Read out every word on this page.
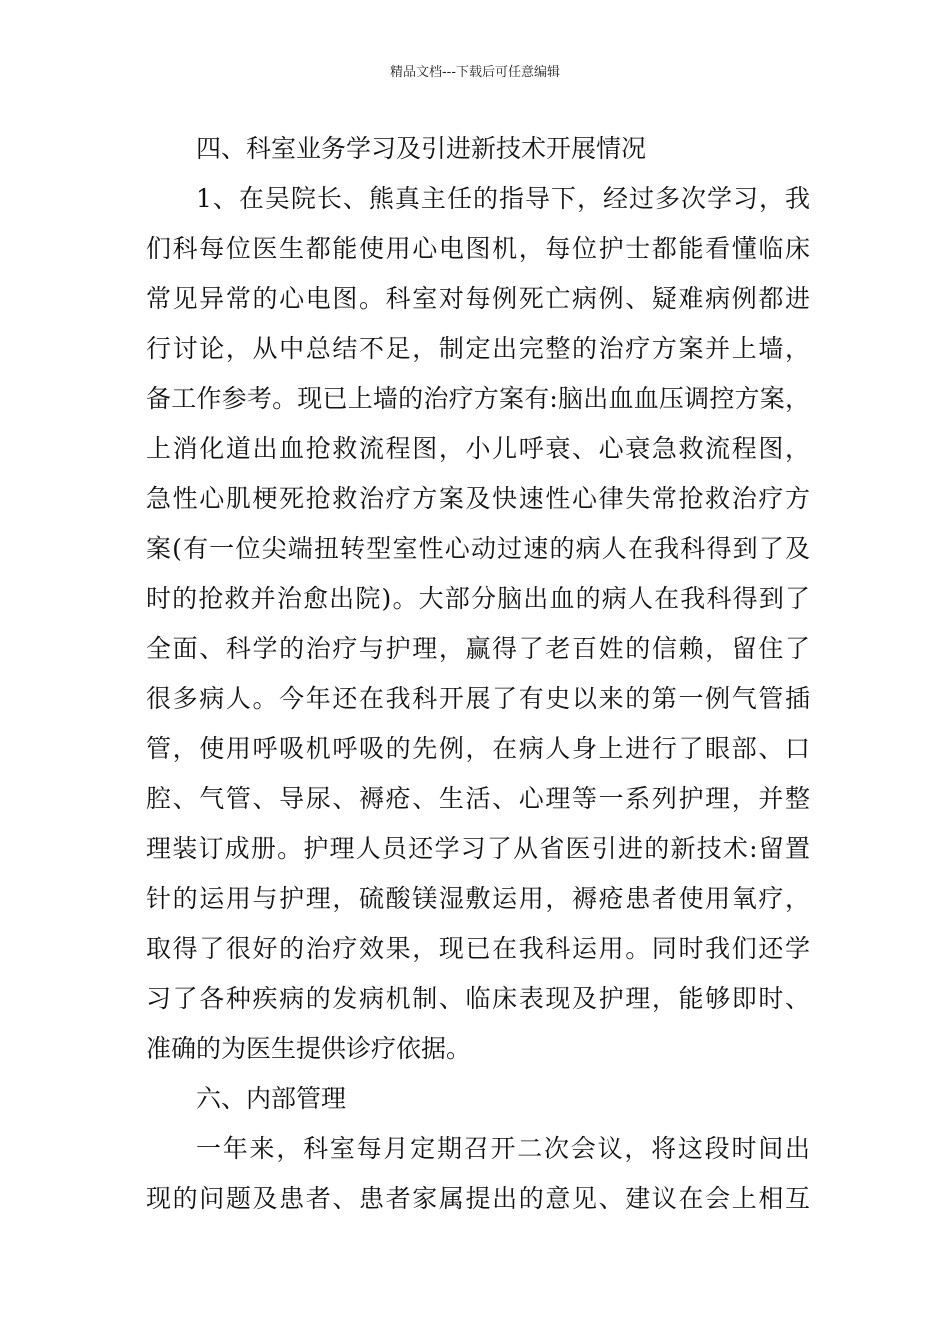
精品文档---下载后可任意编辑
四、科室业务学习及引进新技术开展情况
1、在吴院长、熊真主任的指导下，经过多次学习，我
们科每位医生都能使用心电图机，每位护士都能看懂临床
常见异常的心电图。科室对每例死亡病例、疑难病例都进
行讨论，从中总结不足，制定出完整的治疗方案并上墙，
备工作参考。现已上墙的治疗方案有:脑出血血压调控方案，
上消化道出血抢救流程图，小儿呼衰、心衰急救流程图，
急性心肌梗死抢救治疗方案及快速性心律失常抢救治疗方
案(有一位尖端扭转型室性心动过速的病人在我科得到了及
时的抢救并治愈出院)。大部分脑出血的病人在我科得到了
全面、科学的治疗与护理，赢得了老百姓的信赖，留住了
很多病人。今年还在我科开展了有史以来的第一例气管插
管，使用呼吸机呼吸的先例，在病人身上进行了眼部、口
腔、气管、导尿、褥疮、生活、心理等一系列护理，并整
理装订成册。护理人员还学习了从省医引进的新技术:留置
针的运用与护理，硫酸镁湿敷运用，褥疮患者使用氧疗，
取得了很好的治疗效果，现已在我科运用。同时我们还学
习了各种疾病的发病机制、临床表现及护理，能够即时、
准确的为医生提供诊疗依据。
六、内部管理
一年来，科室每月定期召开二次会议，将这段时间出
现的问题及患者、患者家属提出的意见、建议在会上相互
